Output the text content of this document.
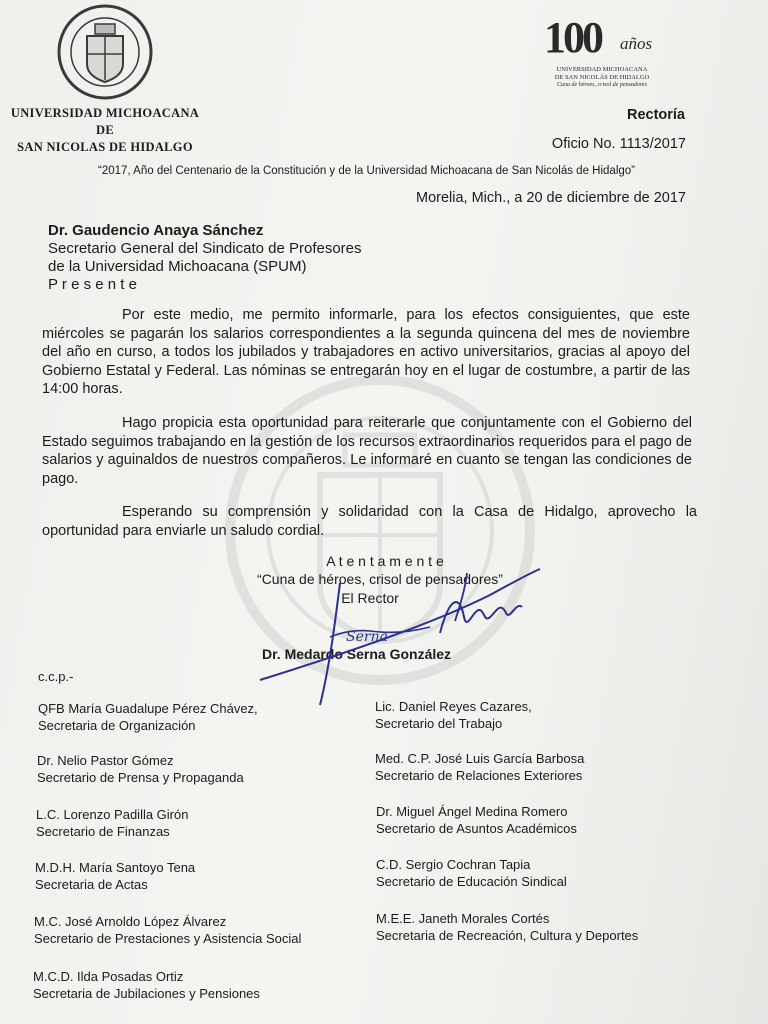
UNIVERSIDAD MICHOACANA
DE
SAN NICOLAS DE HIDALGO
100 años
UNIVERSIDAD MICHOACANA
DE SAN NICOLÁS DE HIDALGO
Cuna de héroes, crisol de pensadores
Rectoría
Oficio No. 1113/2017
“2017, Año del Centenario de la Constitución y de la Universidad Michoacana de San Nicolás de Hidalgo”
Morelia, Mich., a 20 de diciembre de 2017
Dr. Gaudencio Anaya Sánchez
Secretario General del Sindicato de Profesores
de la Universidad Michoacana (SPUM)
P r e s e n t e
Por este medio, me permito informarle, para los efectos consiguientes, que este miércoles se pagarán los salarios correspondientes a la segunda quincena del mes de noviembre del año en curso, a todos los jubilados y trabajadores en activo universitarios, gracias al apoyo del Gobierno Estatal y Federal. Las nóminas se entregarán hoy en el lugar de costumbre, a partir de las 14:00 horas.
Hago propicia esta oportunidad para reiterarle que conjuntamente con el Gobierno del Estado seguimos trabajando en la gestión de los recursos extraordinarios requeridos para el pago de salarios y aguinaldos de nuestros compañeros. Le informaré en cuanto se tengan las condiciones de pago.
Esperando su comprensión y solidaridad con la Casa de Hidalgo, aprovecho la oportunidad para enviarle un saludo cordial.
A t e n t a m e n t e
“Cuna de héroes, crisol de pensadores”
El Rector
Dr. Medardo Serna González
Serna
c.c.p.-
QFB María Guadalupe Pérez Chávez,
Secretaria de Organización
Dr. Nelio Pastor Gómez
Secretario de Prensa y Propaganda
L.C. Lorenzo Padilla Girón
Secretario de Finanzas
M.D.H. María Santoyo Tena
Secretaria de Actas
M.C. José Arnoldo López Álvarez
Secretario de Prestaciones y Asistencia Social
M.C.D. Ilda Posadas Ortiz
Secretaria de Jubilaciones y Pensiones
Lic. Daniel Reyes Cazares,
Secretario del Trabajo
Med. C.P. José Luis García Barbosa
Secretario de Relaciones Exteriores
Dr. Miguel Ángel Medina Romero
Secretario de Asuntos Académicos
C.D. Sergio Cochran Tapia
Secretario de Educación Sindical
M.E.E. Janeth Morales Cortés
Secretaria de Recreación, Cultura y Deportes
